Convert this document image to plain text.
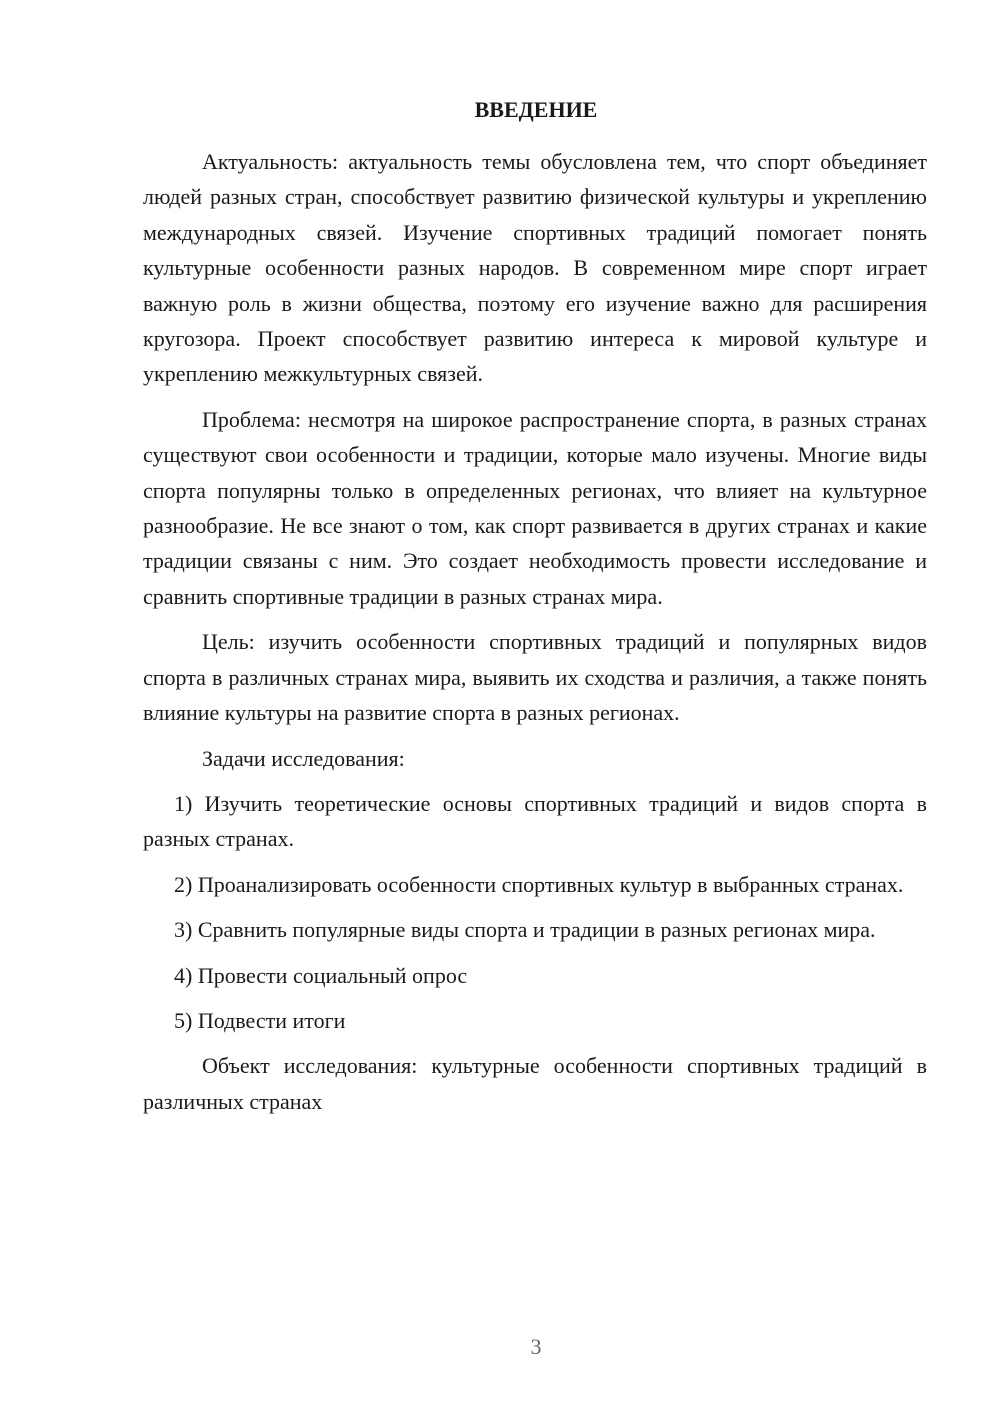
ВВЕДЕНИЕ

Актуальность: актуальность темы обусловлена тем, что спорт объединяет людей разных стран, способствует развитию физической культуры и укреплению международных связей. Изучение спортивных традиций помогает понять культурные особенности разных народов. В современном мире спорт играет важную роль в жизни общества, поэтому его изучение важно для расширения кругозора. Проект способствует развитию интереса к мировой культуре и укреплению межкультурных связей.

Проблема: несмотря на широкое распространение спорта, в разных странах существуют свои особенности и традиции, которые мало изучены. Многие виды спорта популярны только в определенных регионах, что влияет на культурное разнообразие. Не все знают о том, как спорт развивается в других странах и какие традиции связаны с ним. Это создает необходимость провести исследование и сравнить спортивные традиции в разных странах мира.

Цель: изучить особенности спортивных традиций и популярных видов спорта в различных странах мира, выявить их сходства и различия, а также понять влияние культуры на развитие спорта в разных регионах.

Задачи исследования:

1) Изучить теоретические основы спортивных традиций и видов спорта в разных странах.

2) Проанализировать особенности спортивных культур в выбранных странах.

3) Сравнить популярные виды спорта и традиции в разных регионах мира.

4) Провести социальный опрос

5) Подвести итоги

Объект исследования: культурные особенности спортивных традиций в различных странах

3
